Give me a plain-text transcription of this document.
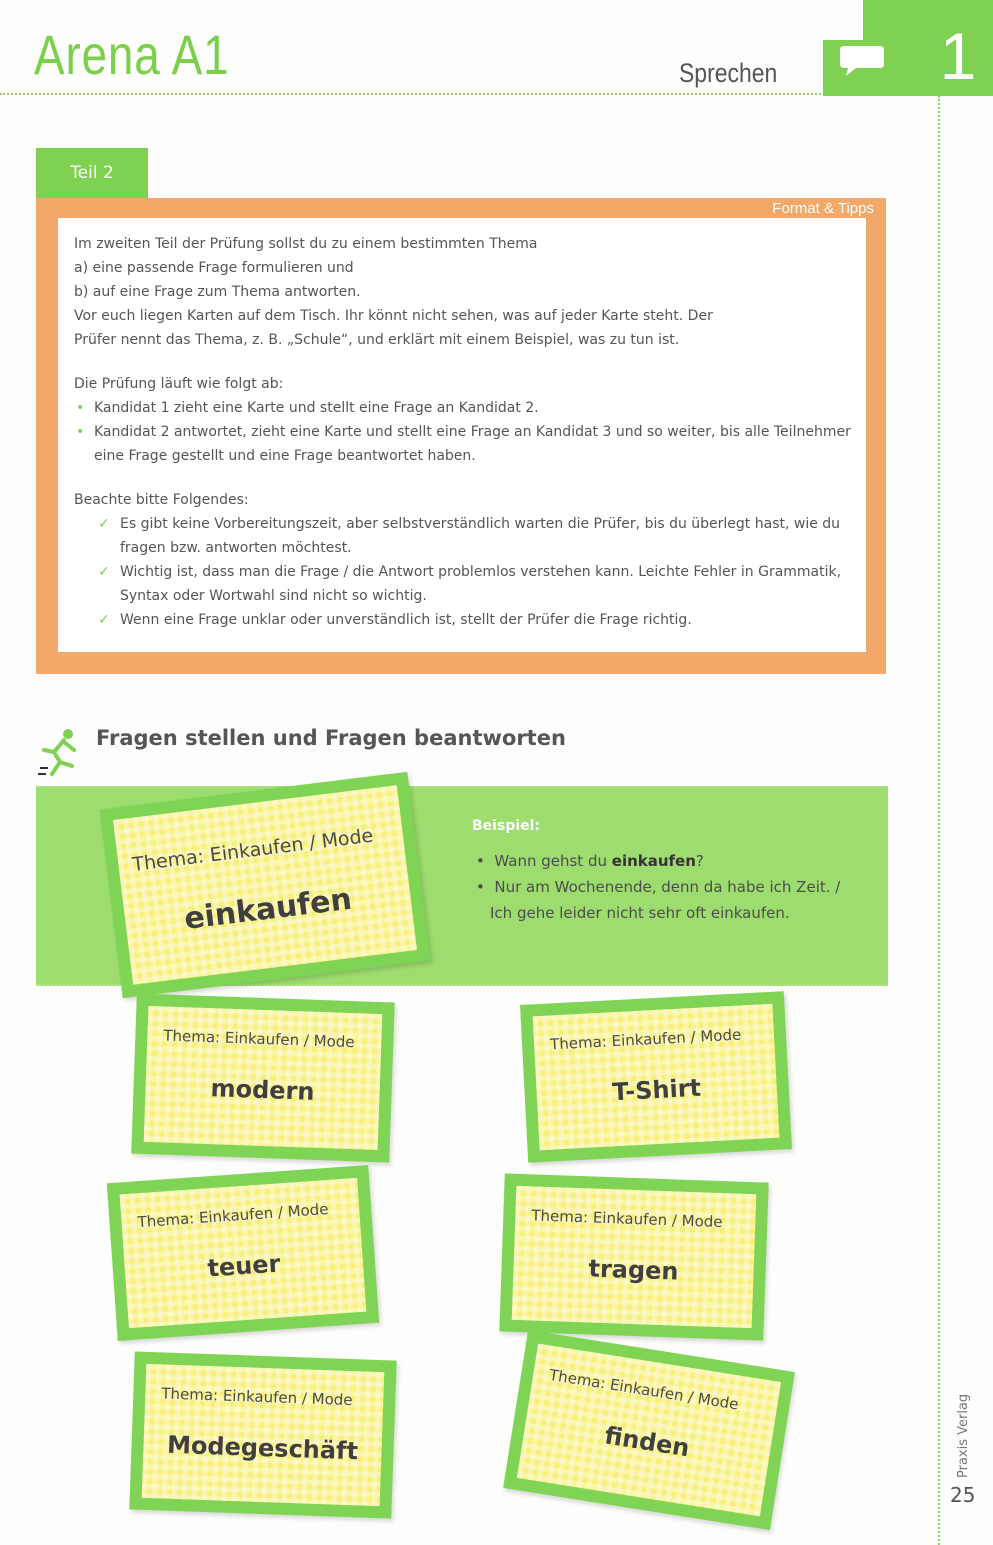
Arena A1	Sprechen 1
Teil 2
Format & Tipps

Im zweiten Teil der Prüfung sollst du zu einem bestimmten Thema

a) eine passende Frage formulieren und

b) auf eine Frage zum Thema antworten.

Vor euch liegen Karten auf dem Tisch. Ihr könnt nicht sehen, was auf jeder Karte steht. Der

Prüfer nennt das Thema, z. B. „Schule“, und erklärt mit einem Beispiel, was zu tun ist.

Die Prüfung läuft wie folgt ab:

• Kandidat 1 zieht eine Karte und stellt eine Frage an Kandidat 2.

• Kandidat 2 antwortet, zieht eine Karte und stellt eine Frage an Kandidat 3 und so weiter, bis alle Teilnehmer eine Frage gestellt und eine Frage beantwortet haben.

Beachte bitte Folgendes:

✓ Es gibt keine Vorbereitungszeit, aber selbstverständlich warten die Prüfer, bis du überlegt hast, wie du fragen bzw. antworten möchtest.
✓ Wichtig ist, dass man die Frage / die Antwort problemlos verstehen kann. Leichte Fehler in Grammatik, Syntax oder Wortwahl sind nicht so wichtig.
✓ Wenn eine Frage unklar oder unverständlich ist, stellt der Prüfer die Frage richtig.
Fragen stellen und Fragen beantworten
Beispiel:

•  Wann gehst du einkaufen?

•  Nur am Wochenende, denn da habe ich Zeit. /

Ich gehe leider nicht sehr oft einkaufen.

Thema: Einkaufen / Mode
einkaufen
Thema: Einkaufen / Mode
modern
Thema: Einkaufen / Mode
T-Shirt
Thema: Einkaufen / Mode
teuer
Thema: Einkaufen / Mode
tragen
Thema: Einkaufen / Mode
Modegeschäft
Thema: Einkaufen / Mode
finden	Praxis Verlag
25
